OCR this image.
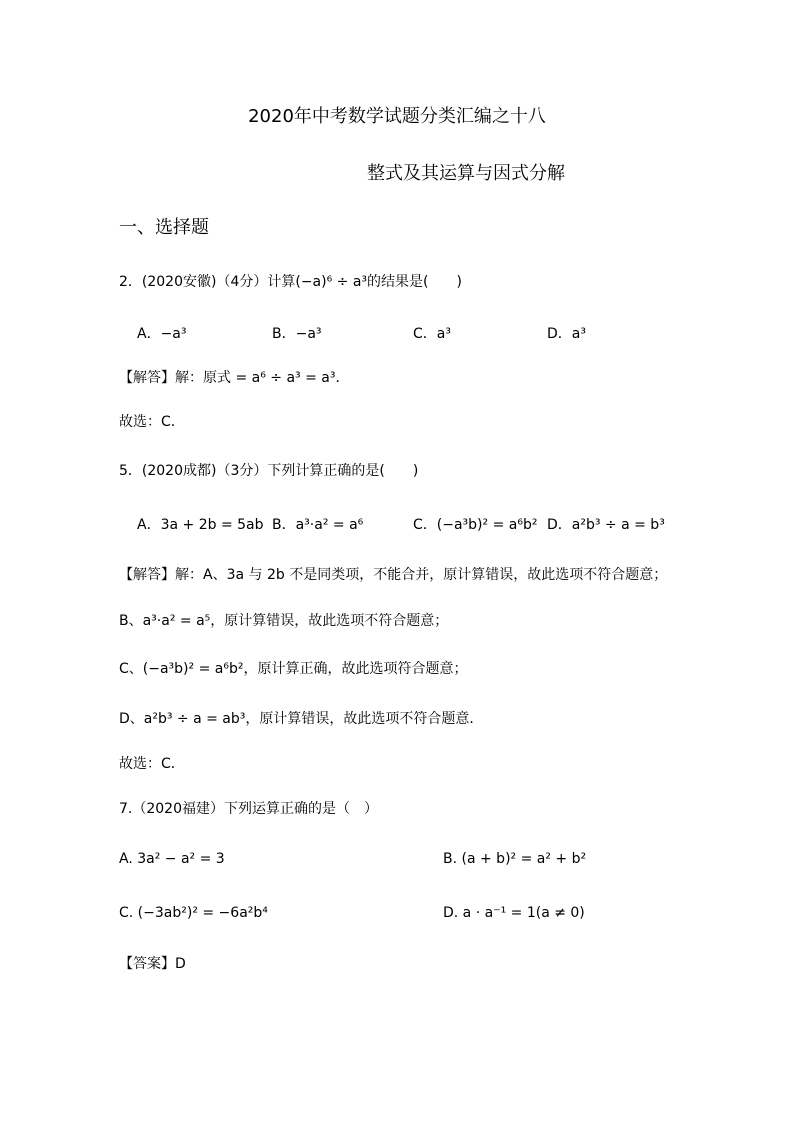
2020年中考数学试题分类汇编之十八
整式及其运算与因式分解
一、选择题
2．(2020安徽)（4分）计算(−a)⁶ ÷ a³的结果是(　　)
A．−a³	B．−a³	C．a³	D．a³
【解答】解：原式 = a⁶ ÷ a³ = a³．
故选：C．
5．(2020成都)（3分）下列计算正确的是(　　)
A．3a + 2b = 5ab B．a³·a² = a⁶	C．(−a³b)² = a⁶b² D．a²b³ ÷ a = b³
【解答】解：A、3a 与 2b 不是同类项，不能合并，原计算错误，故此选项不符合题意；
B、a³·a² = a⁵，原计算错误，故此选项不符合题意；
C、(−a³b)² = a⁶b²，原计算正确，故此选项符合题意；
D、a²b³ ÷ a = ab³，原计算错误，故此选项不符合题意．
故选：C．
7.（2020福建）下列运算正确的是（　）
A. 3a² − a² = 3	B. (a + b)² = a² + b²
C. (−3ab²)² = −6a²b⁴	D. a · a⁻¹ = 1(a ≠ 0)
【答案】D
